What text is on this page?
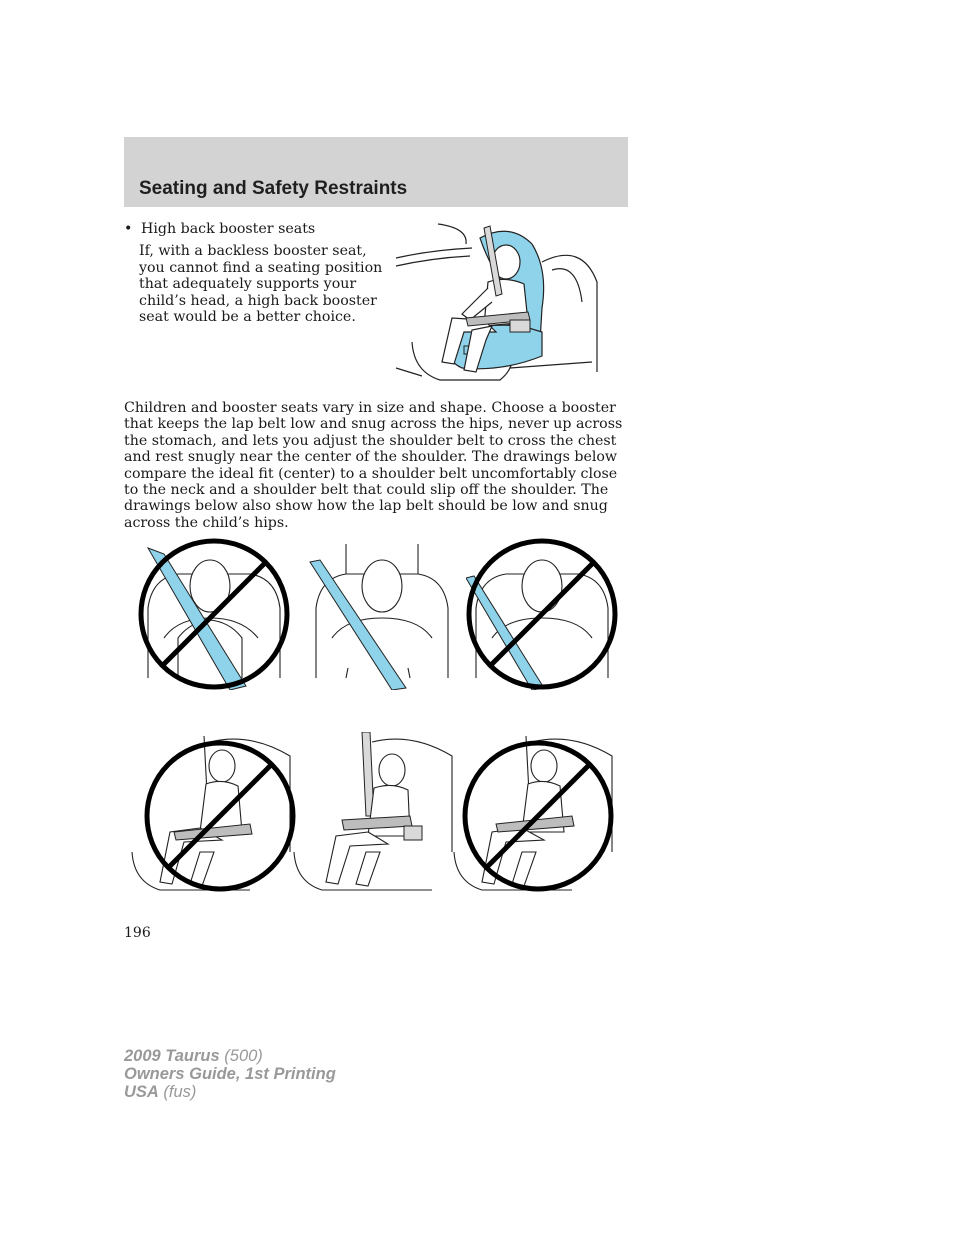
Seating and Safety Restraints
• High back booster seats

If, with a backless booster seat, you cannot find a seating position that adequately supports your child’s head, a high back booster seat would be a better choice.

Children and booster seats vary in size and shape. Choose a booster that keeps the lap belt low and snug across the hips, never up across the stomach, and lets you adjust the shoulder belt to cross the chest and rest snugly near the center of the shoulder. The drawings below compare the ideal fit (center) to a shoulder belt uncomfortably close to the neck and a shoulder belt that could slip off the shoulder. The drawings below also show how the lap belt should be low and snug across the child’s hips.

196
2009 Taurus (500)
Owners Guide, 1st Printing
USA (fus)
